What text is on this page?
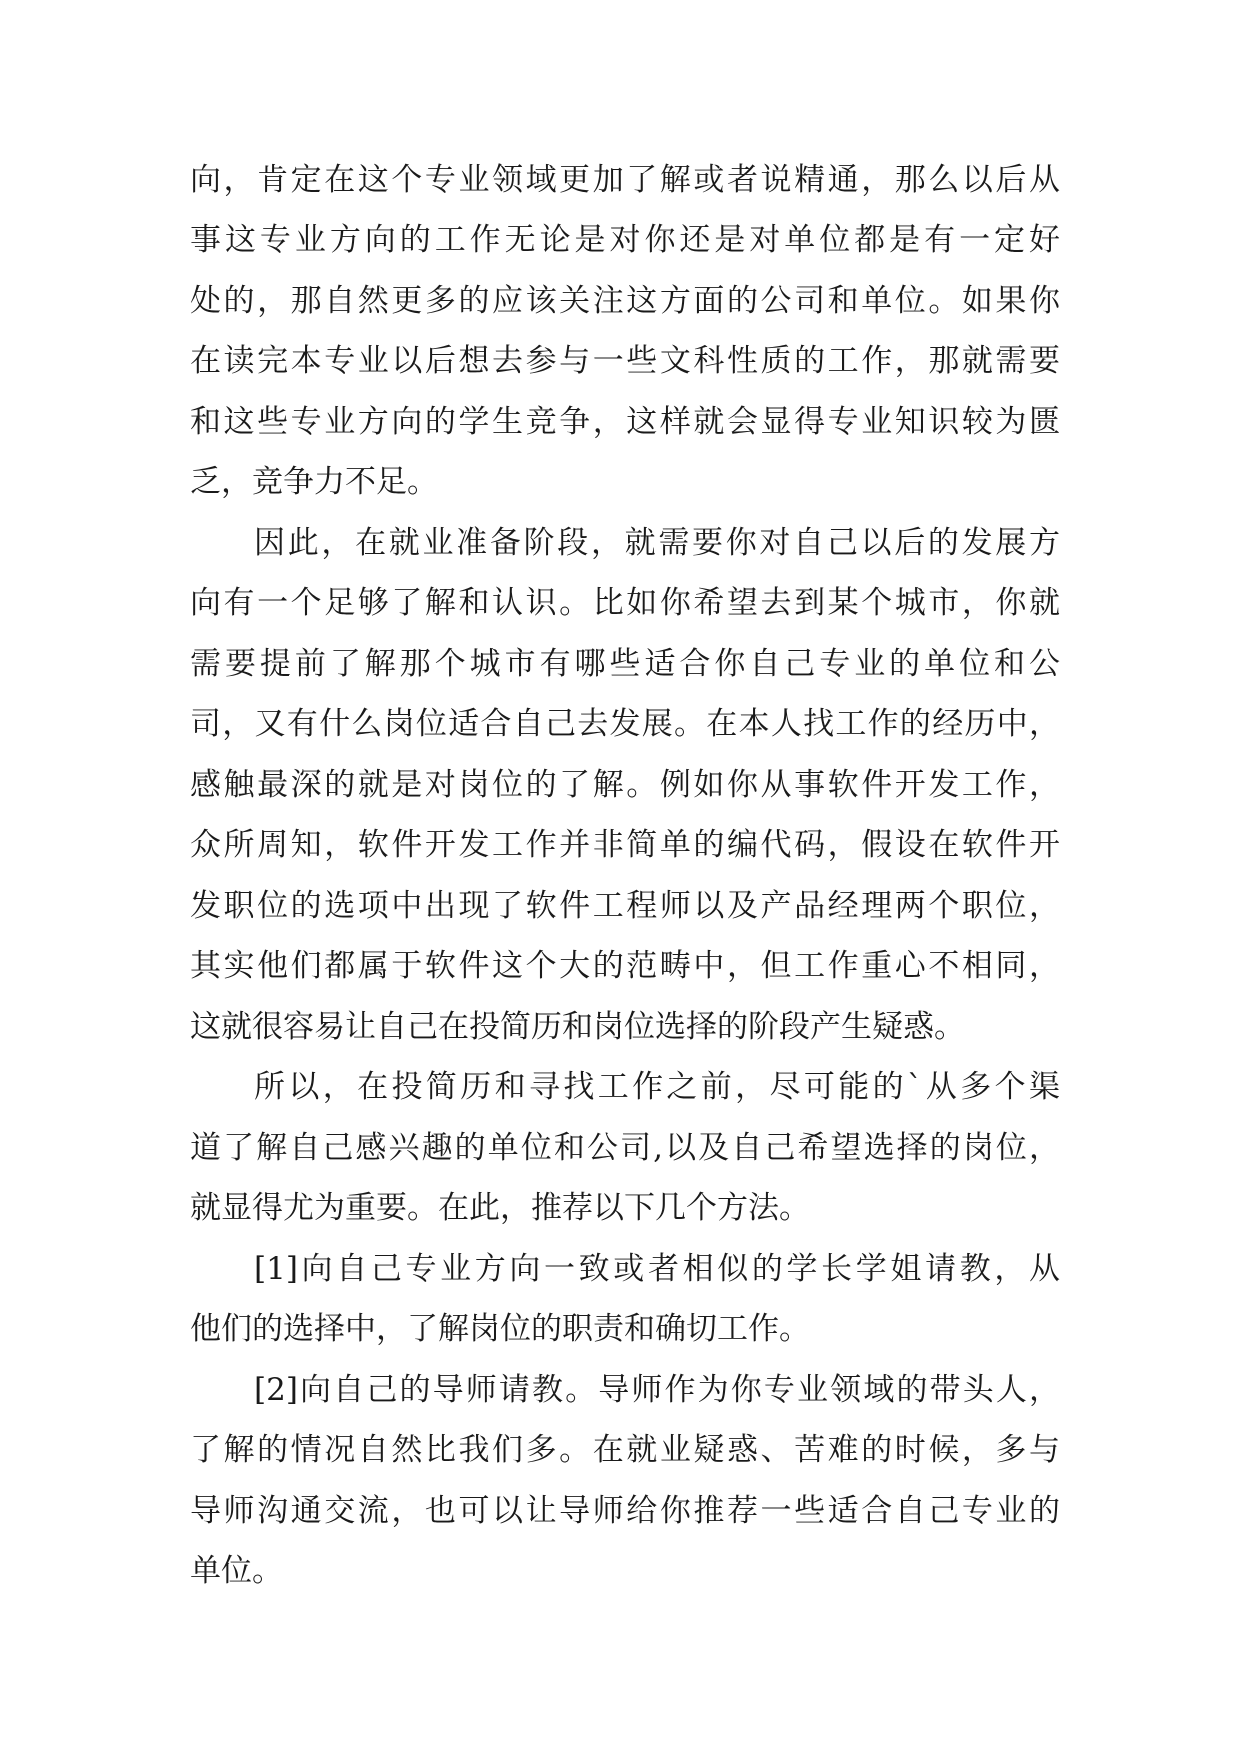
向，肯定在这个专业领域更加了解或者说精通，那么以后从
事这专业方向的工作无论是对你还是对单位都是有一定好
处的，那自然更多的应该关注这方面的公司和单位。如果你
在读完本专业以后想去参与一些文科性质的工作，那就需要
和这些专业方向的学生竞争，这样就会显得专业知识较为匮
乏，竞争力不足。
因此，在就业准备阶段，就需要你对自己以后的发展方
向有一个足够了解和认识。比如你希望去到某个城市，你就
需要提前了解那个城市有哪些适合你自己专业的单位和公
司，又有什么岗位适合自己去发展。在本人找工作的经历中，
感触最深的就是对岗位的了解。例如你从事软件开发工作，
众所周知，软件开发工作并非简单的编代码，假设在软件开
发职位的选项中出现了软件工程师以及产品经理两个职位，
其实他们都属于软件这个大的范畴中，但工作重心不相同，
这就很容易让自己在投简历和岗位选择的阶段产生疑惑。
所以，在投简历和寻找工作之前，尽可能的`从多个渠
道了解自己感兴趣的单位和公司,以及自己希望选择的岗位，
就显得尤为重要。在此，推荐以下几个方法。
[1]向自己专业方向一致或者相似的学长学姐请教，从
他们的选择中，了解岗位的职责和确切工作。
[2]向自己的导师请教。导师作为你专业领域的带头人，
了解的情况自然比我们多。在就业疑惑、苦难的时候，多与
导师沟通交流，也可以让导师给你推荐一些适合自己专业的
单位。
